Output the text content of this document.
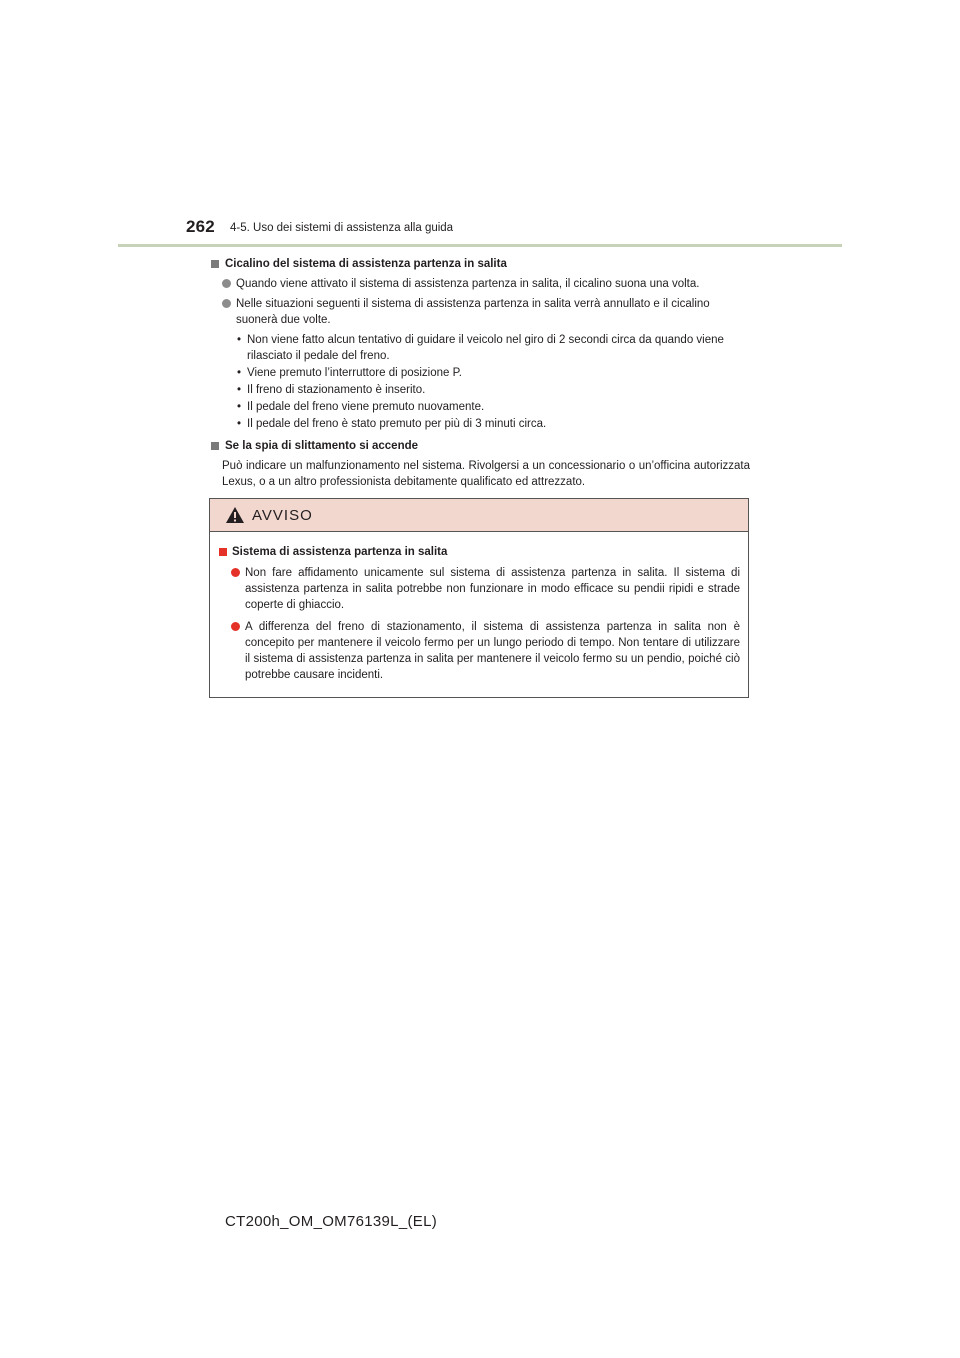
262 4-5. Uso dei sistemi di assistenza alla guida
Cicalino del sistema di assistenza partenza in salita
Quando viene attivato il sistema di assistenza partenza in salita, il cicalino suona una volta.
Nelle situazioni seguenti il sistema di assistenza partenza in salita verrà annullato e il cicalino suonerà due volte.
• Non viene fatto alcun tentativo di guidare il veicolo nel giro di 2 secondi circa da quando viene rilasciato il pedale del freno.
• Viene premuto l’interruttore di posizione P.
• Il freno di stazionamento è inserito.
• Il pedale del freno viene premuto nuovamente.
• Il pedale del freno è stato premuto per più di 3 minuti circa.
Se la spia di slittamento si accende
Può indicare un malfunzionamento nel sistema. Rivolgersi a un concessionario o un’officina autorizzata Lexus, o a un altro professionista debitamente qualificato ed attrezzato.
AVVISO
Sistema di assistenza partenza in salita
Non fare affidamento unicamente sul sistema di assistenza partenza in salita. Il sistema di assistenza partenza in salita potrebbe non funzionare in modo efficace su pendii ripidi e strade coperte di ghiaccio.
A differenza del freno di stazionamento, il sistema di assistenza partenza in salita non è concepito per mantenere il veicolo fermo per un lungo periodo di tempo. Non tentare di utilizzare il sistema di assistenza partenza in salita per mantenere il veicolo fermo su un pendio, poiché ciò potrebbe causare incidenti.
CT200h_OM_OM76139L_(EL)
